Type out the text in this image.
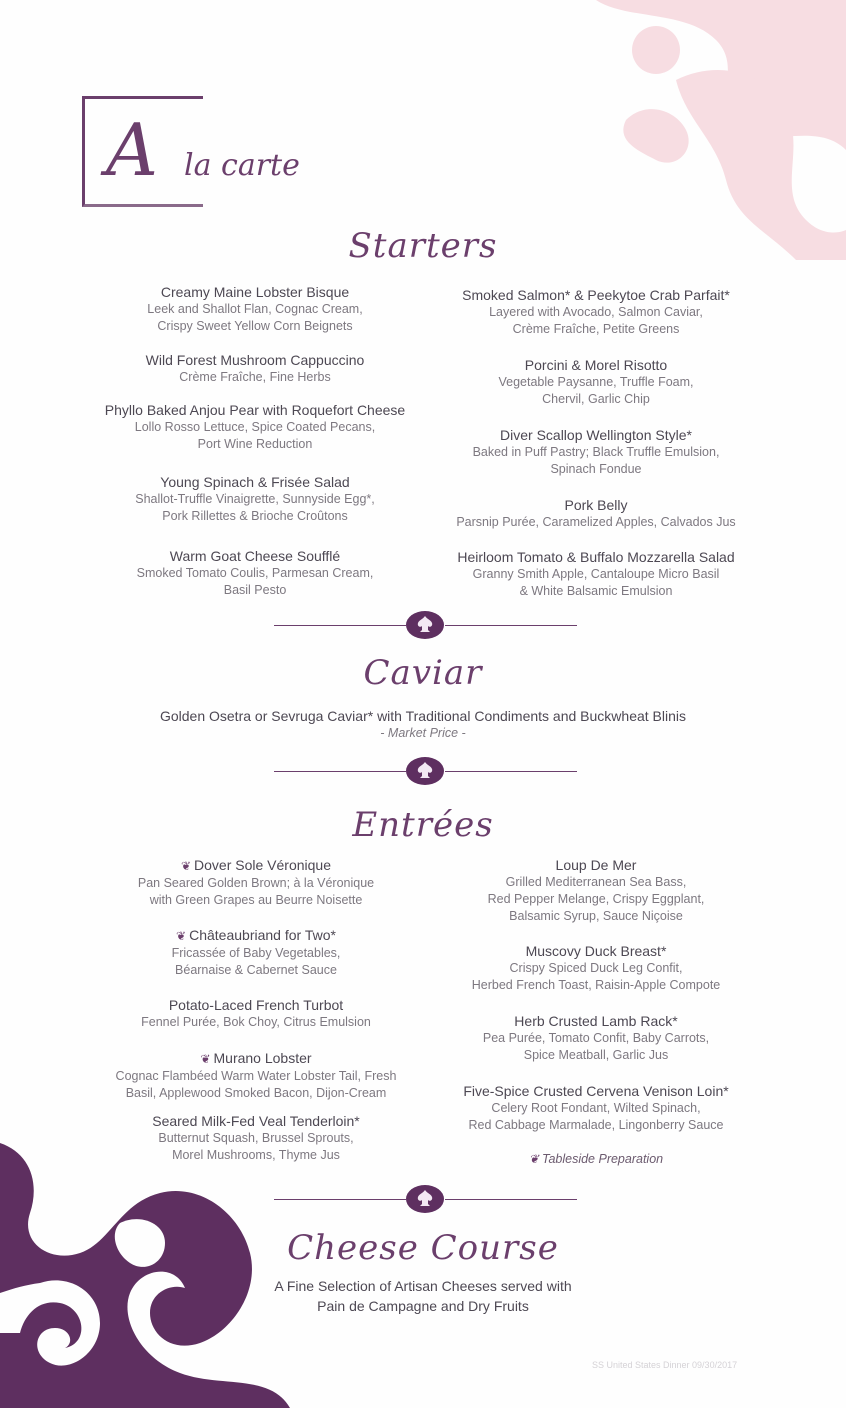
A la carte
Starters
Creamy Maine Lobster Bisque
Leek and Shallot Flan, Cognac Cream,
Crispy Sweet Yellow Corn Beignets
Wild Forest Mushroom Cappuccino
Crème Fraîche, Fine Herbs
Phyllo Baked Anjou Pear with Roquefort Cheese
Lollo Rosso Lettuce, Spice Coated Pecans,
Port Wine Reduction
Young Spinach & Frisée Salad
Shallot-Truffle Vinaigrette, Sunnyside Egg*,
Pork Rillettes & Brioche Croûtons
Warm Goat Cheese Soufflé
Smoked Tomato Coulis, Parmesan Cream,
Basil Pesto
Smoked Salmon* & Peekytoe Crab Parfait*
Layered with Avocado, Salmon Caviar,
Crème Fraîche, Petite Greens
Porcini & Morel Risotto
Vegetable Paysanne, Truffle Foam,
Chervil, Garlic Chip
Diver Scallop Wellington Style*
Baked in Puff Pastry; Black Truffle Emulsion,
Spinach Fondue
Pork Belly
Parsnip Purée, Caramelized Apples, Calvados Jus
Heirloom Tomato & Buffalo Mozzarella Salad
Granny Smith Apple, Cantaloupe Micro Basil
& White Balsamic Emulsion
Caviar
Golden Osetra or Sevruga Caviar* with Traditional Condiments and Buckwheat Blinis
- Market Price -
Entrées
❦ Dover Sole Véronique
Pan Seared Golden Brown; à la Véronique
with Green Grapes au Beurre Noisette
❦ Châteaubriand for Two*
Fricassée of Baby Vegetables,
Béarnaise & Cabernet Sauce
Potato-Laced French Turbot
Fennel Purée, Bok Choy, Citrus Emulsion
❦ Murano Lobster
Cognac Flambéed Warm Water Lobster Tail, Fresh
Basil, Applewood Smoked Bacon, Dijon-Cream
Seared Milk-Fed Veal Tenderloin*
Butternut Squash, Brussel Sprouts,
Morel Mushrooms, Thyme Jus
Loup De Mer
Grilled Mediterranean Sea Bass,
Red Pepper Melange, Crispy Eggplant,
Balsamic Syrup, Sauce Niçoise
Muscovy Duck Breast*
Crispy Spiced Duck Leg Confit,
Herbed French Toast, Raisin-Apple Compote
Herb Crusted Lamb Rack*
Pea Purée, Tomato Confit, Baby Carrots,
Spice Meatball, Garlic Jus
Five-Spice Crusted Cervena Venison Loin*
Celery Root Fondant, Wilted Spinach,
Red Cabbage Marmalade, Lingonberry Sauce
❦ Tableside Preparation
Cheese Course
A Fine Selection of Artisan Cheeses served with
Pain de Campagne and Dry Fruits
SS United States Dinner 09/30/2017
